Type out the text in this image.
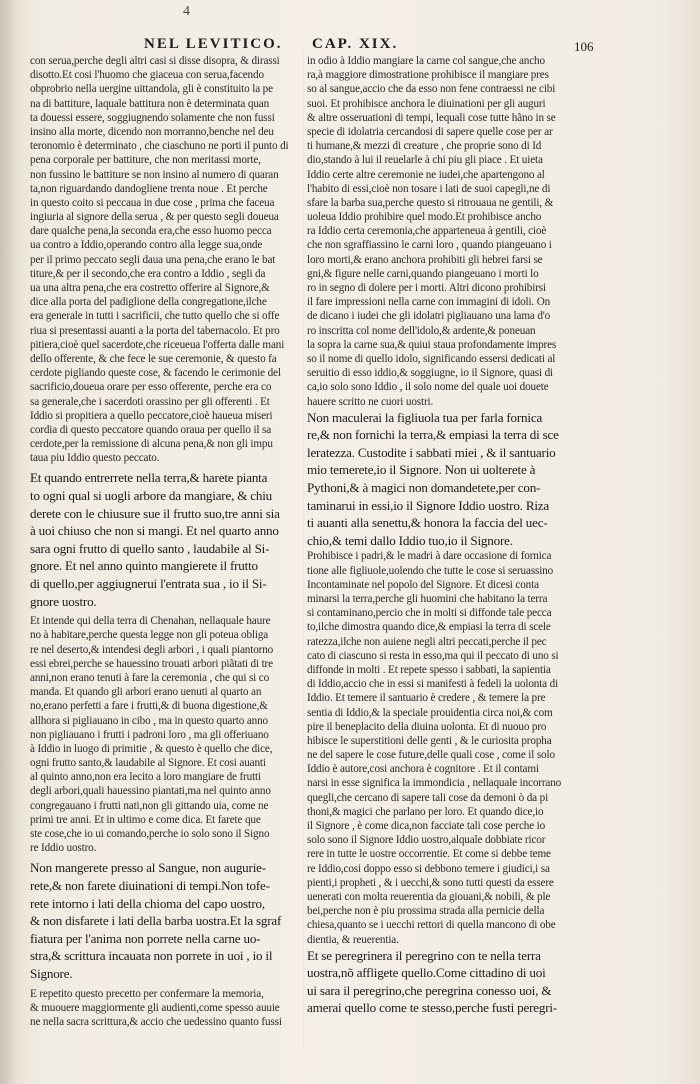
4
NEL LEVITICO. CAP. XIX.	106
con serua,perche degli altri casi si disse disopra, & dirassi
disotto.Et cosi l'huomo che giaceua con serua,facendo
obprobrio nella uergine uittandola, gli è constituito la pe
na di battiture, laquale battitura non è determinata quan
ta douessi essere, soggiugnendo solamente che non fussi
insino alla morte, dicendo non morranno,benche nel deu
teronomio è determinato , che ciaschuno ne porti il punto di
pena corporale per battiture, che non meritassi morte,
non fussino le battiture se non insino al numero di quaran
ta,non riguardando dandogliene trenta noue . Et perche
in questo coito si peccaua in due cose , prima che faceua
ingiuria al signore della serua , & per questo segli doueua
dare qualche pena,la seconda era,che esso huomo pecca
ua contro a Iddio,operando contro alla legge sua,onde
per il primo peccato segli daua una pena,che erano le bat
titure,& per il secondo,che era contro a Iddio , segli da
ua una altra pena,che era costretto offerire al Signore,&
dice alla porta del padiglione della congregatione,ilche
era generale in tutti i sacrificii, che tutto quello che si offe
riua si presentassi auanti a la porta del tabernacolo. Et pro
pitiera,cioè quel sacerdote,che riceueua l'offerta dalle mani
dello offerente, & che fece le sue ceremonie, & questo fa
cerdote pigliando queste cose, & facendo le cerimonie del
sacrificio,doueua orare per esso offerente, perche era co
sa generale,che i sacerdoti orassino per gli offerenti . Et
Iddio si propitiera a quello peccatore,cioè haueua miseri
cordia di questo peccatore quando oraua per quello il sa
cerdote,per la remissione di alcuna pena,& non gli impu
taua piu Iddio questo peccato.
Et quando entrerrete nella terra,& harete pianta
to ogni qual si uogli arbore da mangiare, & chiu
derete con le chiusure sue il frutto suo,tre anni sia
à uoi chiuso che non si mangi. Et nel quarto anno
sara ogni frutto di quello santo , laudabile al Si-
gnore. Et nel anno quinto mangierete il frutto
di quello,per aggiugnerui l'entrata sua , io il Si-
gnore uostro.
Et intende qui della terra di Chenahan, nellaquale haure
no à habitare,perche questa legge non gli poteua obliga
re nel deserto,& intendesi degli arbori , i quali piantorno
essi ebrei,perche se hauessino trouati arbori piãtati di tre
anni,non erano tenuti à fare la ceremonia , che qui si co
manda. Et quando gli arbori erano uenuti al quarto an
no,erano perfetti a fare i frutti,& di buona digestione,&
allhora si pigliauano in cibo , ma in questo quarto anno
non pigliauano i frutti i padroni loro , ma gli offeriuano
à Iddio in luogo di primitie , & questo è quello che dice,
ogni frutto santo,& laudabile al Signore. Et cosi auanti
al quinto anno,non era lecito a loro mangiare de frutti
degli arbori,quali hauessino piantati,ma nel quinto anno
congregauano i frutti nati,non gli gittando uia, come ne
primi tre anni. Et in ultimo e come dica. Et farete que
ste cose,che io ui comando,perche io solo sono il Signo
re Iddio uostro.
Non mangerete presso al Sangue, non augurie-
rete,& non farete diuinationi di tempi.Non tofe-
rete intorno i lati della chioma del capo uostro,
& non disfarete i lati della barba uostra.Et la sgraf
fiatura per l'anima non porrete nella carne uo-
stra,& scrittura incauata non porrete in uoi , io il
Signore.
E repetito questo precetto per confermare la memoria,
& muouere maggiormente gli audienti,come spesso auuie
ne nella sacra scrittura,& accio che uedessino quanto fussi
in odio à Iddio mangiare la carne col sangue,che ancho
ra,à maggiore dimostratione prohibisce il mangiare pres
so al sangue,accio che da esso non fene contraessi ne cibi
suoi. Et prohibisce anchora le diuinationi per gli auguri
& altre osseruationi di tempi, lequali cose tutte hãno in se
specie di idolatria cercandosi di sapere quelle cose per ar
ti humane,& mezzi di creature , che proprie sono di Id
dio,stando à lui il reuelarle à chi piu gli piace . Et uieta
Iddio certe altre ceremonie ne iudei,che apartengono al
l'habito di essi,cioè non tosare i lati de suoi capegli,ne di
sfare la barba sua,perche questo si ritrouaua ne gentili, &
uoleua Iddio prohibire quel modo.Et prohibisce ancho
ra Iddio certa ceremonia,che apparteneua à gentili, cioè
che non sgraffiassino le carni loro , quando piangeuano i
loro morti,& erano anchora prohibiti gli hebrei farsi se
gni,& figure nelle carni,quando piangeuano i morti lo
ro in segno di dolere per i morti. Altri dicono prohibirsi
il fare impressioni nella carne con immagini di idoli. On
de dicano i iudei che gli idolatri pigliauano una lama d'o
ro inscritta col nome dell'idolo,& ardente,& poneuan
la sopra la carne sua,& quiui staua profondamente impres
so il nome di quello idolo, significando essersi dedicati al
seruitio di esso iddio,& soggiugne, io il Signore, quasi di
ca,io solo sono Iddio , il solo nome del quale uoi douete
hauere scritto ne cuori uostri.
Non maculerai la figliuola tua per farla fornica
re,& non fornichi la terra,& empiasi la terra di sce
leratezza. Custodite i sabbati miei , & il santuario
mio temerete,io il Signore. Non ui uolterete à
Pythoni,& à magici non domandetete,per con-
taminarui in essi,io il Signore Iddio uostro. Riza
ti auanti alla senettu,& honora la faccia del uec-
chio,& temi dallo Iddio tuo,io il Signore.
Prohibisce i padri,& le madri à dare occasione di fornica
tione alle figliuole,uolendo che tutte le cose si seruassino
Incontaminate nel popolo del Signore. Et dicesi conta
minarsi la terra,perche gli huomini che habitano la terra
si contaminano,percio che in molti si diffonde tale pecca
to,ilche dimostra quando dice,& empiasi la terra di scele
ratezza,ilche non auiene negli altri peccati,perche il pec
cato di ciascuno si resta in esso,ma qui il peccato di uno si
diffonde in molti . Et repete spesso i sabbati, la sapientia
di Iddio,accio che in essi si manifesti à fedeli la uolonta di
Iddio. Et temere il santuario è credere , & temere la pre
sentia di Iddio,& la speciale prouidentia circa noi,& com
pire il beneplacito della diuina uolonta. Et di nuouo pro
hibisce le superstitioni delle genti , & le curiosita propha
ne del sapere le cose future,delle quali cose , come il solo
Iddio è autore,cosi anchora è cognitore . Et il contami
narsi in esse significa la immondicia , nellaquale incorrano
quegli,che cercano di sapere tali cose da demoni ò da pi
thoni,& magici che parlano per loro. Et quando dice,io
il Signore , è come dica,non facciate tali cose perche io
solo sono il Signore Iddio uostro,alquale dobbiate ricor
rere in tutte le uostre occorrentie. Et come si debbe teme
re Iddio,cosi doppo esso si debbono temere i giudici,i sa
pienti,i propheti , & i uecchi,& sono tutti questi da essere
uenerati con molta reuerentia da giouani,& nobili, & ple
bei,perche non è piu prossima strada alla pernicie della
chiesa,quanto se i uecchi rettori di quella mancono di obe
dientia, & reuerentia.
Et se peregrinera il peregrino con te nella terra
uostra,nõ affligete quello.Come cittadino di uoi
ui sara il peregrino,che peregrina conesso uoi, &
amerai quello come te stesso,perche fusti peregri-
